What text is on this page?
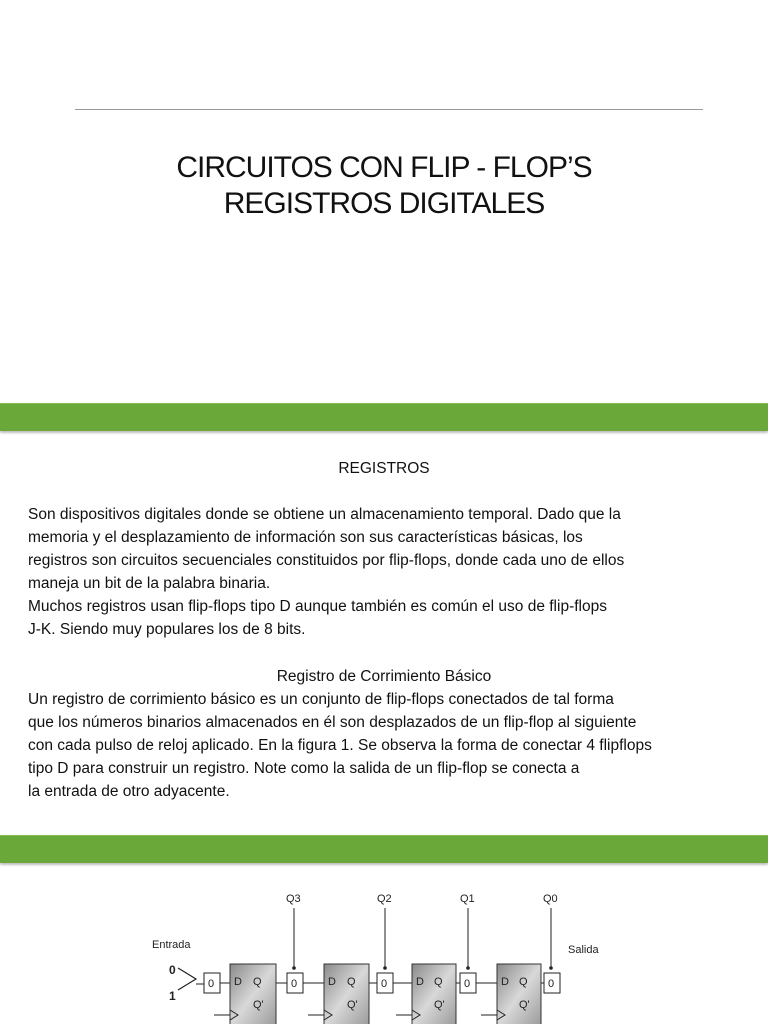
CIRCUITOS CON FLIP - FLOP’S
REGISTROS DIGITALES
REGISTROS
Son dispositivos digitales donde se obtiene un almacenamiento temporal. Dado que la
memoria y el desplazamiento de información son sus características básicas, los
registros son circuitos secuenciales constituidos por flip-flops, donde cada uno de ellos
maneja un bit de la palabra binaria.
Muchos registros usan flip-flops tipo D aunque también es común el uso de flip-flops
J-K. Siendo muy populares los de 8 bits.
Registro de Corrimiento Básico
Un registro de corrimiento básico es un conjunto de flip-flops conectados de tal forma
que los números binarios almacenados en él son desplazados de un flip-flop al siguiente
con cada pulso de reloj aplicado. En la figura 1. Se observa la forma de conectar 4 flipflops
tipo D para construir un registro. Note como la salida de un flip-flop se conecta a
la entrada de otro adyacente.
Entrada
0
1
Salida
Q3	Q2	Q1	Q0
0	0	0	0	0
D Q
Q'
D Q
Q'
D Q
Q'
D Q
Q'
